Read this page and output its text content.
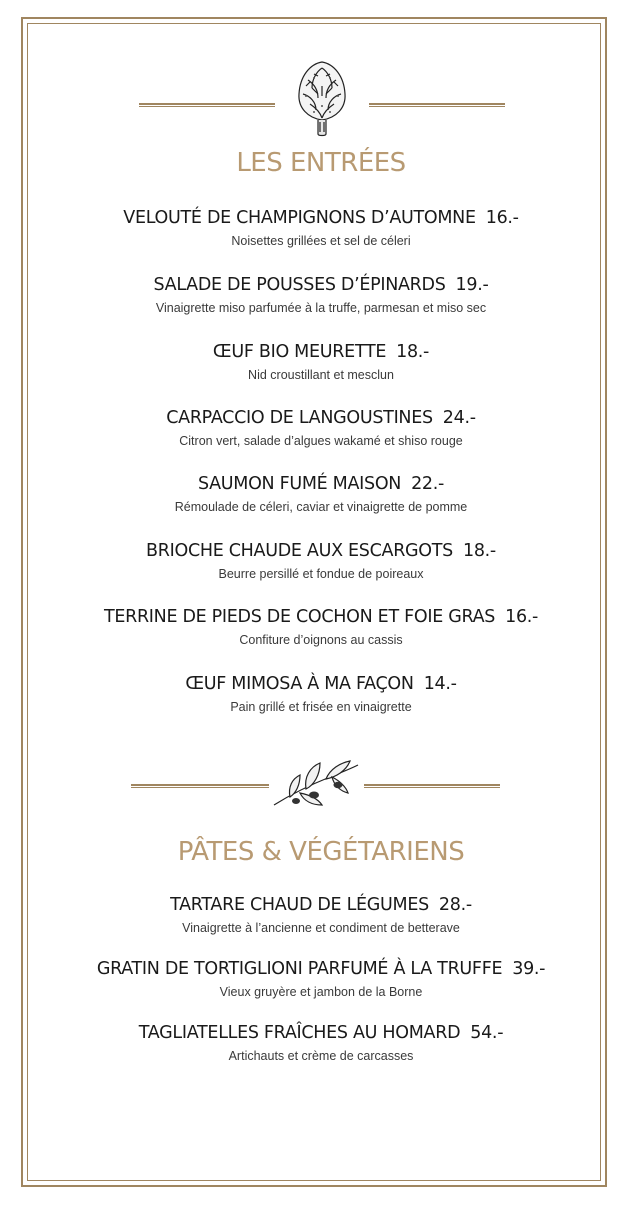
LES ENTRÉES
VELOUTÉ DE CHAMPIGNONS D’AUTOMNE 16.-
Noisettes grillées et sel de céleri
SALADE DE POUSSES D’ÉPINARDS 19.-
Vinaigrette miso parfumée à la truffe, parmesan et miso sec
ŒUF BIO MEURETTE 18.-
Nid croustillant et mesclun
CARPACCIO DE LANGOUSTINES 24.-
Citron vert, salade d’algues wakamé et shiso rouge
SAUMON FUMÉ MAISON 22.-
Rémoulade de céleri, caviar et vinaigrette de pomme
BRIOCHE CHAUDE AUX ESCARGOTS 18.-
Beurre persillé et fondue de poireaux
TERRINE DE PIEDS DE COCHON ET FOIE GRAS 16.-
Confiture d’oignons au cassis
ŒUF MIMOSA À MA FAÇON 14.-
Pain grillé et frisée en vinaigrette
PÂTES & VÉGÉTARIENS
TARTARE CHAUD DE LÉGUMES 28.-
Vinaigrette à l’ancienne et condiment de betterave
GRATIN DE TORTIGLIONI PARFUMÉ À LA TRUFFE 39.-
Vieux gruyère et jambon de la Borne
TAGLIATELLES FRAÎCHES AU HOMARD 54.-
Artichauts et crème de carcasses
